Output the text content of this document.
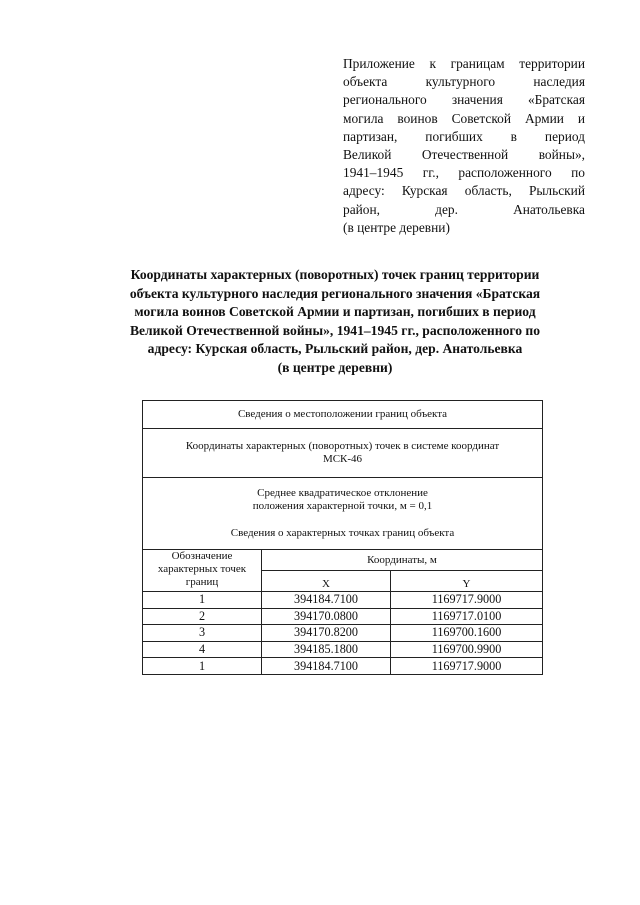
Приложение к границам территории
объекта культурного наследия
регионального значения «Братская
могила воинов Советской Армии и
партизан, погибших в период
Великой Отечественной войны»,
1941–1945 гг., расположенного по
адресу: Курская область, Рыльский
район, дер. Анатольевка
(в центре деревни)
Координаты характерных (поворотных) точек границ территории
объекта культурного наследия регионального значения «Братская
могила воинов Советской Армии и партизан, погибших в период
Великой Отечественной войны», 1941–1945 гг., расположенного по
адресу: Курская область, Рыльский район, дер. Анатольевка
(в центре деревни)
Сведения о местоположении границ объекта		

Координаты характерных (поворотных) точек в системе координат
МСК-46		

Среднее квадратическое отклонение
положения характерной точки, м = 0,1
Сведения о характерных точках границ объекта		

Обозначение характерных точек границ	Координаты, м	
	X	Y
1	394184.7100	1169717.9000
2	394170.0800	1169717.0100
3	394170.8200	1169700.1600
4	394185.1800	1169700.9900
1	394184.7100	1169717.9000
